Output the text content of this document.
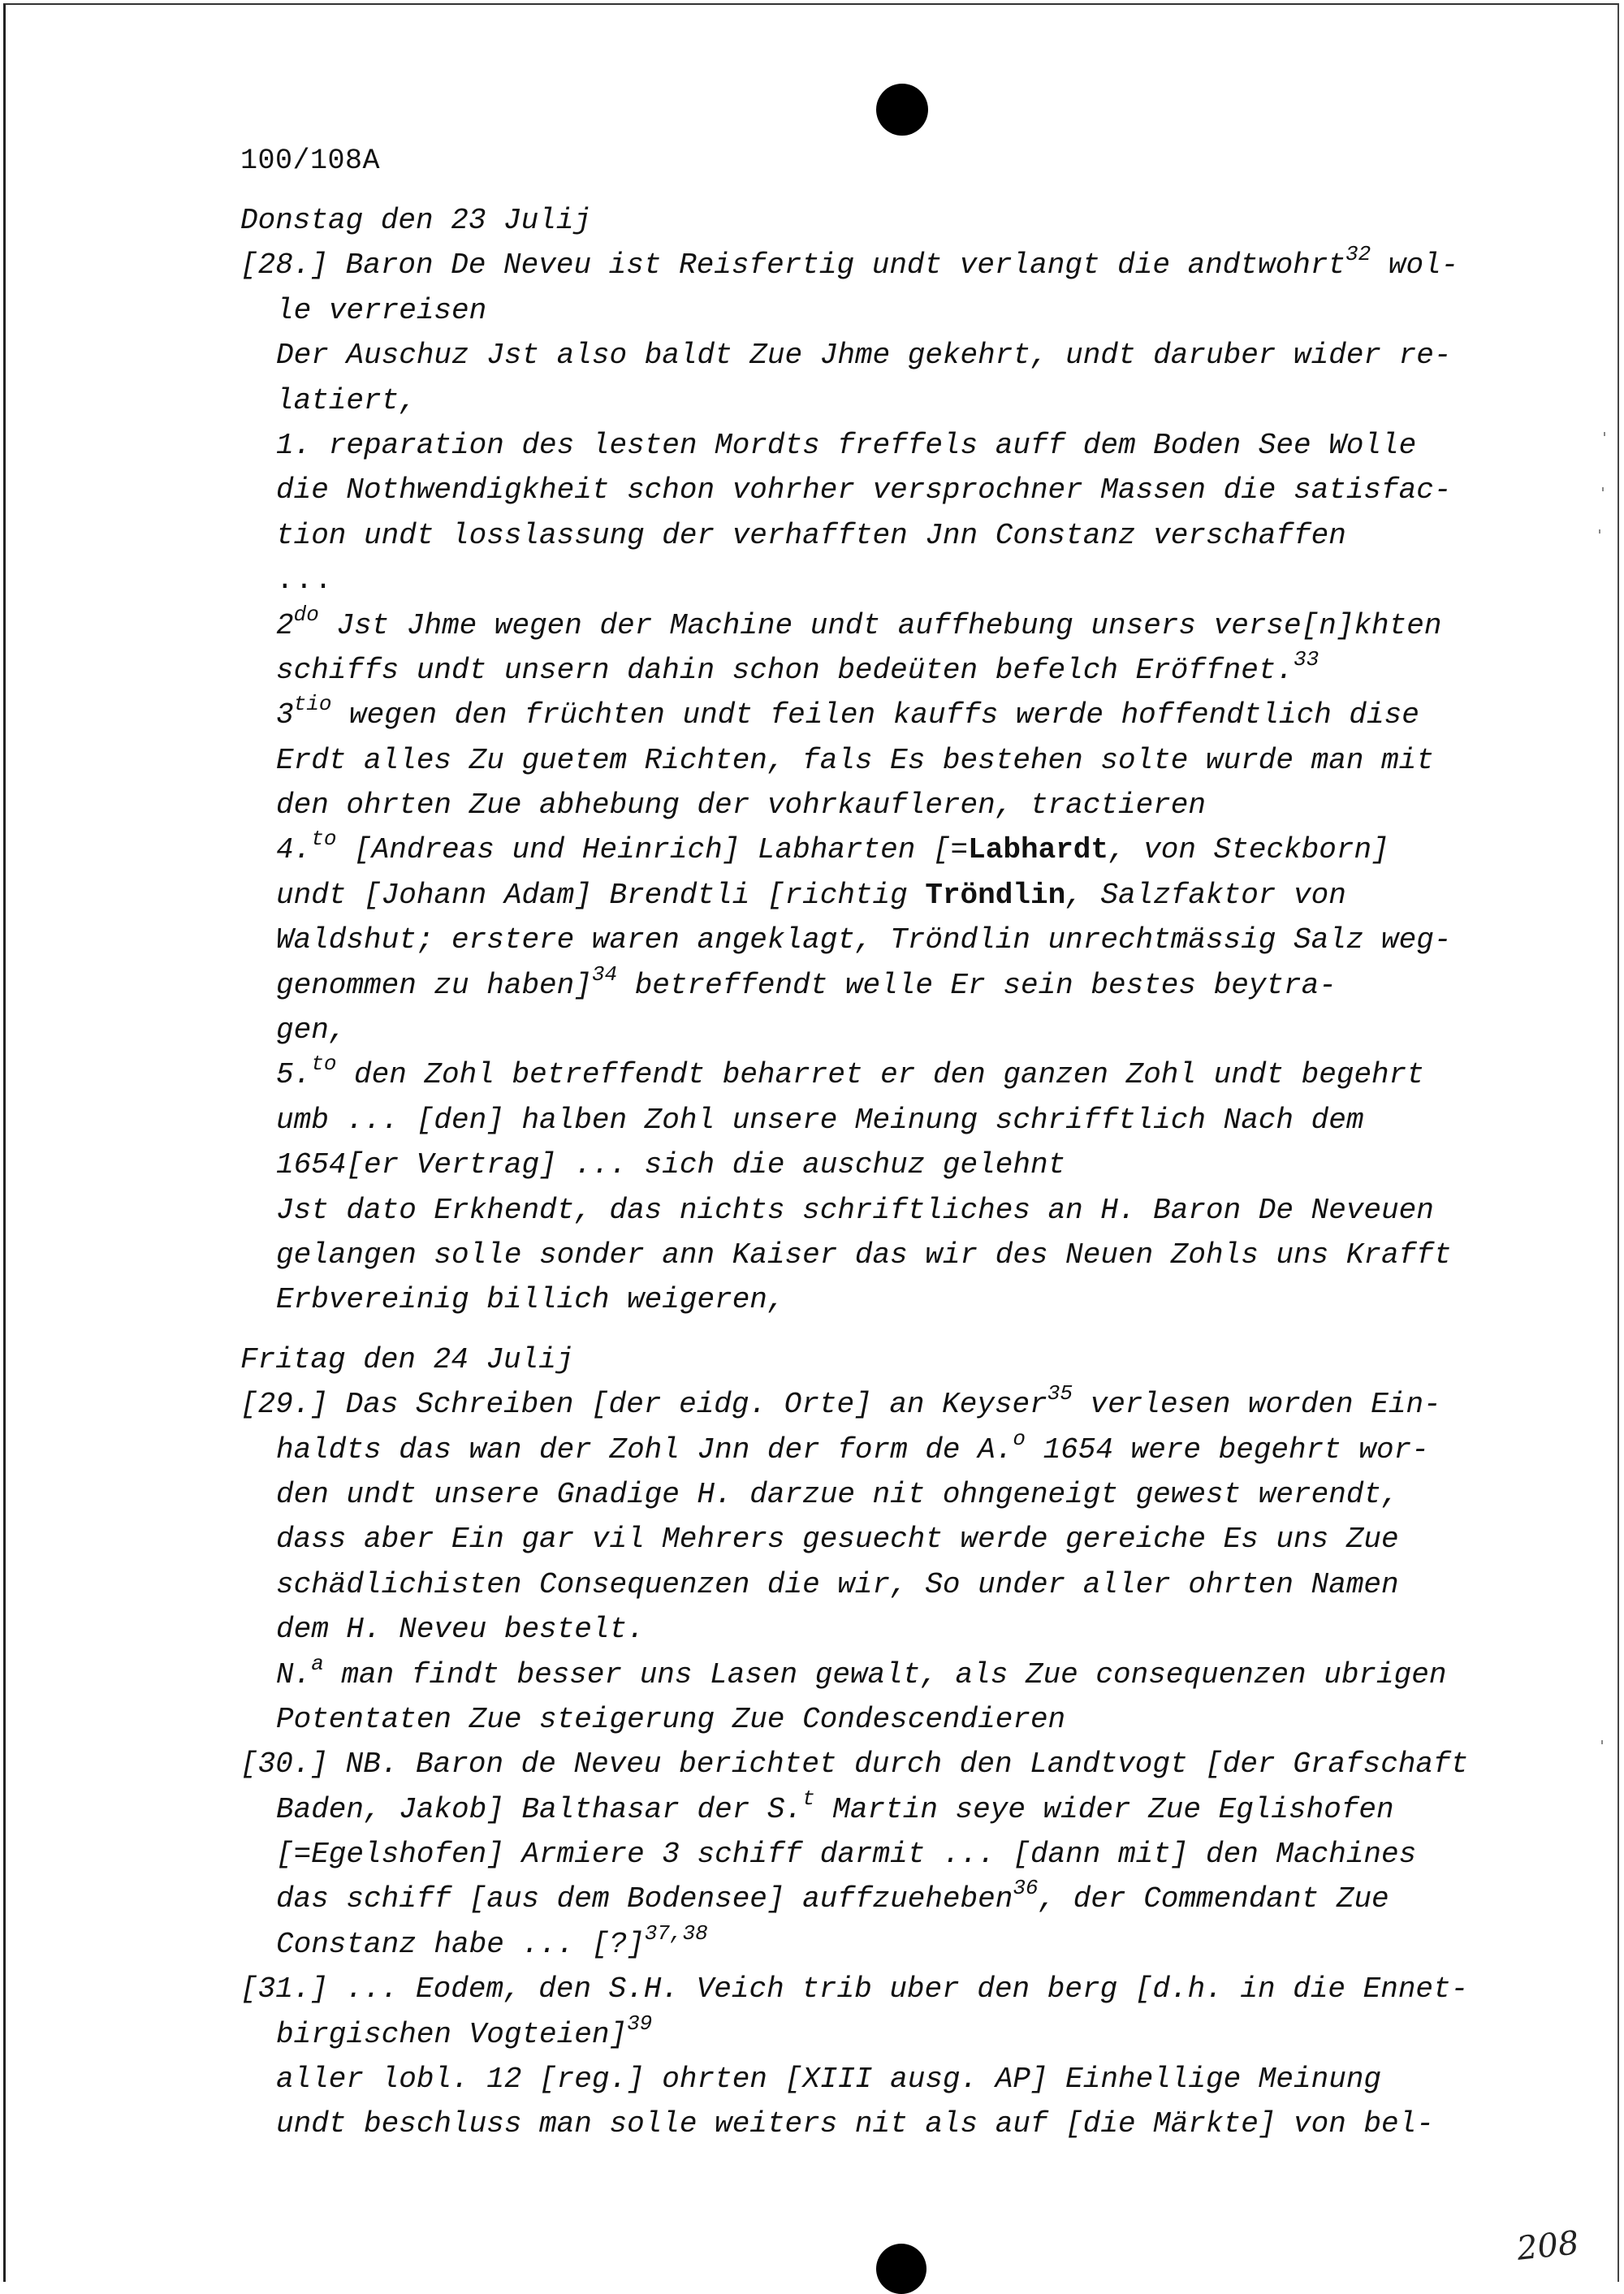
100/108A
Donstag den 23 Julij
[28.] Baron De Neveu ist Reisfertig undt verlangt die andtwohrt$^{32}$ wol-
le verreisen
Der Auschuz Jst also baldt Zue Jhme gekehrt, undt daruber wider re-
latiert,
1. reparation des lesten Mordts freffels auff dem Boden See Wolle
die Nothwendigkheit schon vohrher versprochner Massen die satisfac-
tion undt losslassung der verhafften Jnn Constanz verschaffen
...
$2^{do}$ Jst Jhme wegen der Machine undt auffhebung unsers verse[n]khten
schiffs undt unsern dahin schon bedeüten befelch Eröffnet.$^{33}$
$3^{tio}$ wegen den früchten undt feilen kauffs werde hoffendtlich dise
Erdt alles Zu guetem Richten, fals Es bestehen solte wurde man mit
den ohrten Zue abhebung der vohrkaufleren, tractieren
4.$^{to}$ [Andreas und Heinrich] Labharten [=Labhardt, von Steckborn]
undt [Johann Adam] Brendtli [richtig Tröndlin, Salzfaktor von
Waldshut; erstere waren angeklagt, Tröndlin unrechtmässig Salz weg-
genommen zu haben]$^{34}$ betreffendt welle Er sein bestes beytra-
gen,
5.$^{to}$ den Zohl betreffendt beharret er den ganzen Zohl undt begehrt
umb ... [den] halben Zohl unsere Meinung schrifftlich Nach dem
1654[er Vertrag] ... sich die auschuz gelehnt
Jst dato Erkhendt, das nichts schriftliches an H. Baron De Neveuen
gelangen solle sonder ann Kaiser das wir des Neuen Zohls uns Krafft
Erbvereinig billich weigeren,
Fritag den 24 Julij
[29.] Das Schreiben [der eidg. Orte] an Keyser$^{35}$ verlesen worden Ein-
haldts das wan der Zohl Jnn der form de A.$^o$ 1654 were begehrt wor-
den undt unsere Gnadige H. darzue nit ohngeneigt gewest werendt,
dass aber Ein gar vil Mehrers gesuecht werde gereiche Es uns Zue
schädlichisten Consequenzen die wir, So under aller ohrten Namen
dem H. Neveu bestelt.
N.$^a$ man findt besser uns Lasen gewalt, als Zue consequenzen ubrigen
Potentaten Zue steigerung Zue Condescendieren
[30.] NB. Baron de Neveu berichtet durch den Landtvogt [der Grafschaft
Baden, Jakob] Balthasar der S.$^t$ Martin seye wider Zue Eglishofen
[=Egelshofen] Armiere 3 schiff darmit ... [dann mit] den Machines
das schiff [aus dem Bodensee] auffzueheben$^{36}$, der Commendant Zue
Constanz habe ... [?]$^{37,38}$
[31.] ... Eodem, den S.H. Veich trib uber den berg [d.h. in die Ennet-
birgischen Vogteien]$^{39}$
aller lobl. 12 [reg.] ohrten [XIII ausg. AP] Einhellige Meinung
undt beschluss man solle weiters nit als auf [die Märkte] von bel-
208
